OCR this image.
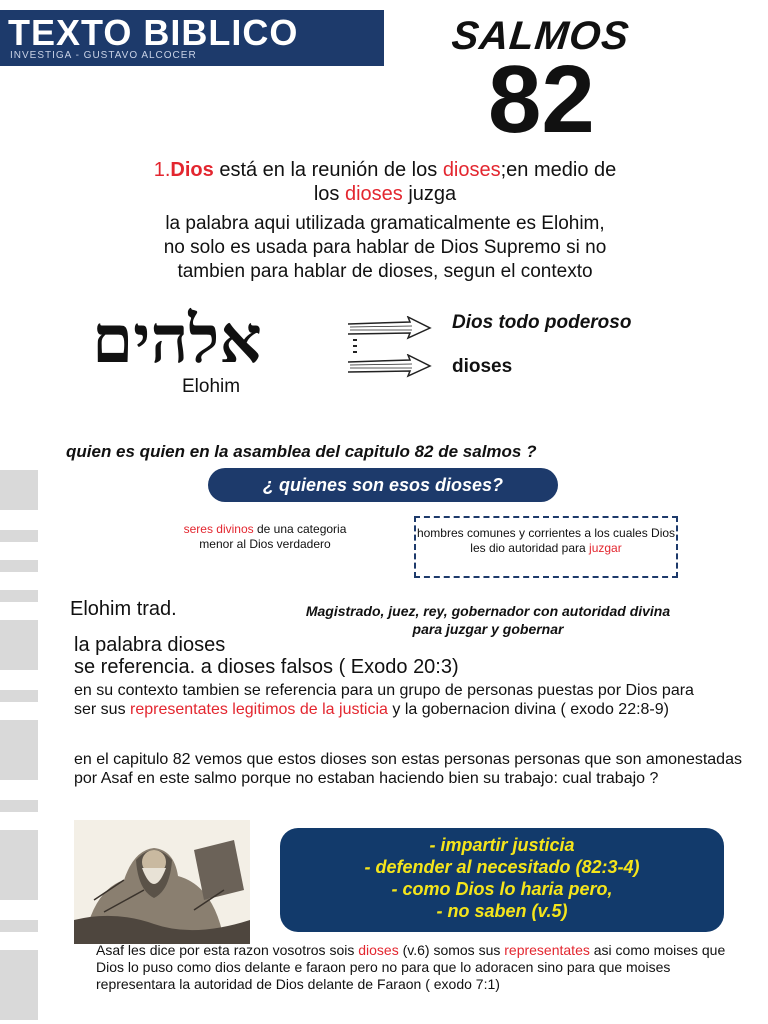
TEXTO BIBLICO
INVESTIGA - GUSTAVO ALCOCER	SALMOS
82
1.Dios está en la reunión de los dioses;en medio de
los dioses juzga
la palabra aqui utilizada gramaticalmente es Elohim,
no solo es usada para hablar de Dios Supremo si no
tambien para hablar de dioses, segun el contexto
אלהים
Elohim
Dios todo poderoso
dioses
quien es quien en la asamblea del capitulo 82 de salmos ?
¿ quienes son esos dioses?
seres divinos de una categoria menor al Dios verdadero
hombres comunes y corrientes a los cuales Dios les dio autoridad para juzgar
Elohim trad.	Magistrado, juez, rey, gobernador con autoridad divina
para juzgar y gobernar
la palabra dioses
se referencia. a dioses falsos ( Exodo 20:3)
en su contexto tambien se referencia para un grupo de personas puestas por Dios para ser sus representates legitimos de la justicia y la gobernacion divina ( exodo 22:8-9)
en el capitulo 82 vemos que estos dioses son estas personas personas que son amonestadas por Asaf en este salmo porque no estaban haciendo bien su trabajo: cual trabajo ?
- impartir justicia
- defender al necesitado (82:3-4)
- como Dios lo haria pero,
- no saben (v.5)
Asaf les dice por esta razon vosotros sois dioses (v.6) somos sus representates asi como moises que Dios lo puso como dios delante e faraon pero no para que lo adoracen sino para que moises representara la autoridad de Dios delante de Faraon ( exodo 7:1)
